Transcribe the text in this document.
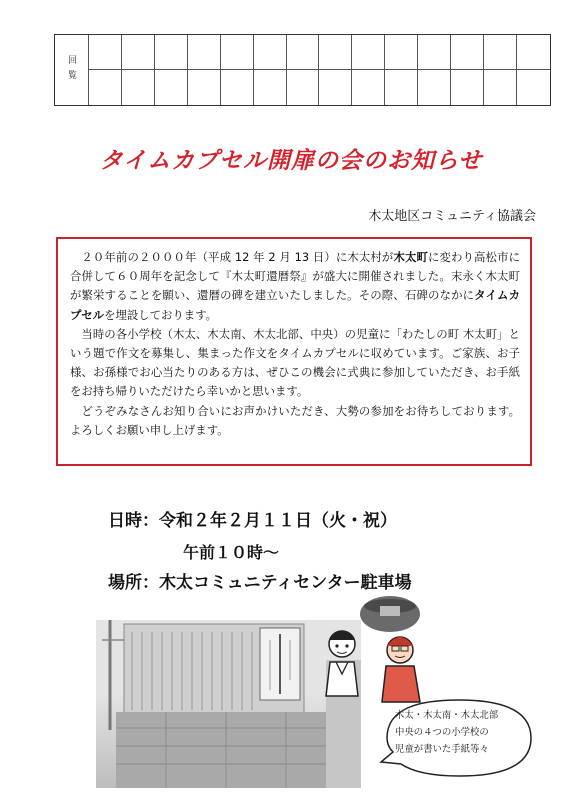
回覧
タイムカプセル開扉の会のお知らせ
木太地区コミュニティ協議会

２０年前の２０００年（平成 12 年 2 月 13 日）に木太村が木太町に変わり高松市に合併して６０周年を記念して『木太町還暦祭』が盛大に開催されました。末永く木太町が繁栄することを願い、還暦の碑を建立いたしました。その際、石碑のなかにタイムカプセルを埋設しております。

当時の各小学校（木太、木太南、木太北部、中央）の児童に「わたしの町 木太町」という題で作文を募集し、集まった作文をタイムカプセルに収めています。ご家族、お子様、お孫様でお心当たりのある方は、ぜひこの機会に式典に参加していただき、お手紙をお持ち帰りいただけたら幸いかと思います。

どうぞみなさんお知り合いにお声かけいただき、大勢の参加をお待ちしております。よろしくお願い申し上げます。

日時：令和２年２月１１日（火・祝）
午前１０時～
場所：木太コミュニティセンター駐車場
木太・木太南・木太北部
中央の４つの小学校の
児童が書いた手紙等々
